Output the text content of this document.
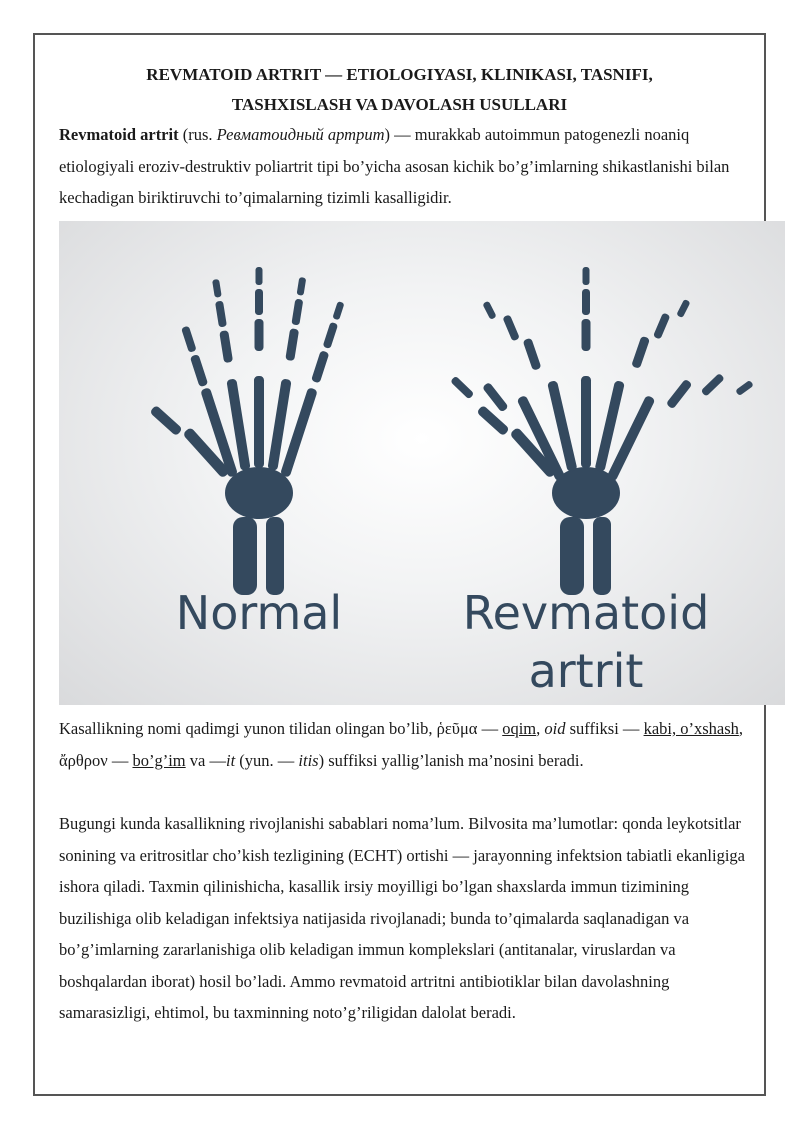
REVMATOID ARTRIT — ETIOLOGIYASI, KLINIKASI, TASNIFI,
TASHXISLASH VA DAVOLASH USULLARI
Revmatoid artrit (rus. Ревматоидный артрит) — murakkab autoimmun patogenezli noaniq etiologiyali eroziv-destruktiv poliartrit tipi bo’yicha asosan kichik bo’g’imlarning shikastlanishi bilan kechadigan biriktiruvchi to’qimalarning tizimli kasalligidir.
Normal	Revmatoid
artrit
Kasallikning nomi qadimgi yunon tilidan olingan bo’lib, ῥεῦμα — oqim, oid suffiksi — kabi, o’xshash, ἄρθρον — bo’g’im va —it (yun. — itis) suffiksi yallig’lanish ma’nosini beradi.
Bugungi kunda kasallikning rivojlanishi sabablari noma’lum. Bilvosita ma’lumotlar: qonda leykotsitlar sonining va eritrositlar cho’kish tezligining (ECHT) ortishi — jarayonning infektsion tabiatli ekanligiga ishora qiladi. Taxmin qilinishicha, kasallik irsiy moyilligi bo’lgan shaxslarda immun tizimining buzilishiga olib keladigan infektsiya natijasida rivojlanadi; bunda to’qimalarda saqlanadigan va bo’g’imlarning zararlanishiga olib keladigan immun komplekslari (antitanalar, viruslardan va boshqalardan iborat) hosil bo’ladi. Ammo revmatoid artritni antibiotiklar bilan davolashning samarasizligi, ehtimol, bu taxminning noto’g’riligidan dalolat beradi.
